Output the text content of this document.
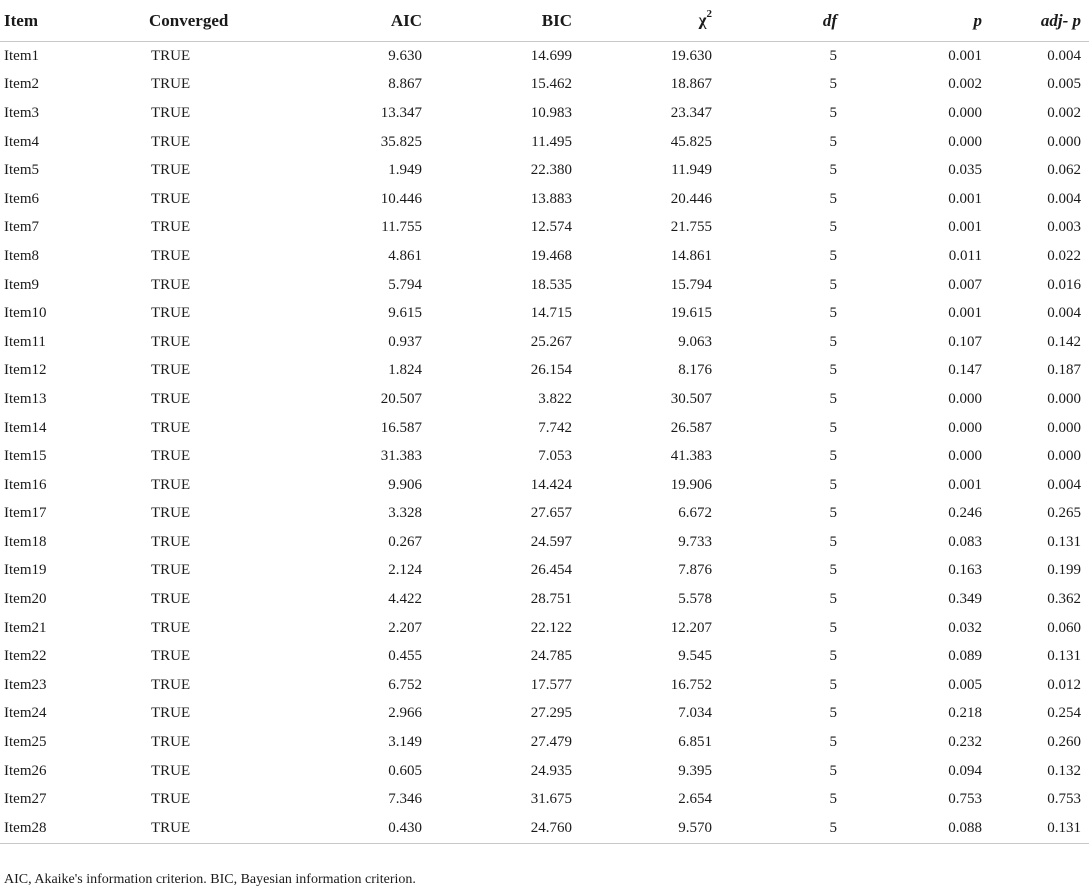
Item	Converged	AIC	BIC	$\chi^2$	df	p	adj- p
Item1	TRUE	9.630	14.699	19.630	5	0.001	0.004
Item2	TRUE	8.867	15.462	18.867	5	0.002	0.005
Item3	TRUE	13.347	10.983	23.347	5	0.000	0.002
Item4	TRUE	35.825	11.495	45.825	5	0.000	0.000
Item5	TRUE	1.949	22.380	11.949	5	0.035	0.062
Item6	TRUE	10.446	13.883	20.446	5	0.001	0.004
Item7	TRUE	11.755	12.574	21.755	5	0.001	0.003
Item8	TRUE	4.861	19.468	14.861	5	0.011	0.022
Item9	TRUE	5.794	18.535	15.794	5	0.007	0.016
Item10	TRUE	9.615	14.715	19.615	5	0.001	0.004
Item11	TRUE	0.937	25.267	9.063	5	0.107	0.142
Item12	TRUE	1.824	26.154	8.176	5	0.147	0.187
Item13	TRUE	20.507	3.822	30.507	5	0.000	0.000
Item14	TRUE	16.587	7.742	26.587	5	0.000	0.000
Item15	TRUE	31.383	7.053	41.383	5	0.000	0.000
Item16	TRUE	9.906	14.424	19.906	5	0.001	0.004
Item17	TRUE	3.328	27.657	6.672	5	0.246	0.265
Item18	TRUE	0.267	24.597	9.733	5	0.083	0.131
Item19	TRUE	2.124	26.454	7.876	5	0.163	0.199
Item20	TRUE	4.422	28.751	5.578	5	0.349	0.362
Item21	TRUE	2.207	22.122	12.207	5	0.032	0.060
Item22	TRUE	0.455	24.785	9.545	5	0.089	0.131
Item23	TRUE	6.752	17.577	16.752	5	0.005	0.012
Item24	TRUE	2.966	27.295	7.034	5	0.218	0.254
Item25	TRUE	3.149	27.479	6.851	5	0.232	0.260
Item26	TRUE	0.605	24.935	9.395	5	0.094	0.132
Item27	TRUE	7.346	31.675	2.654	5	0.753	0.753
Item28	TRUE	0.430	24.760	9.570	5	0.088	0.131
AIC, Akaike's information criterion. BIC, Bayesian information criterion.
